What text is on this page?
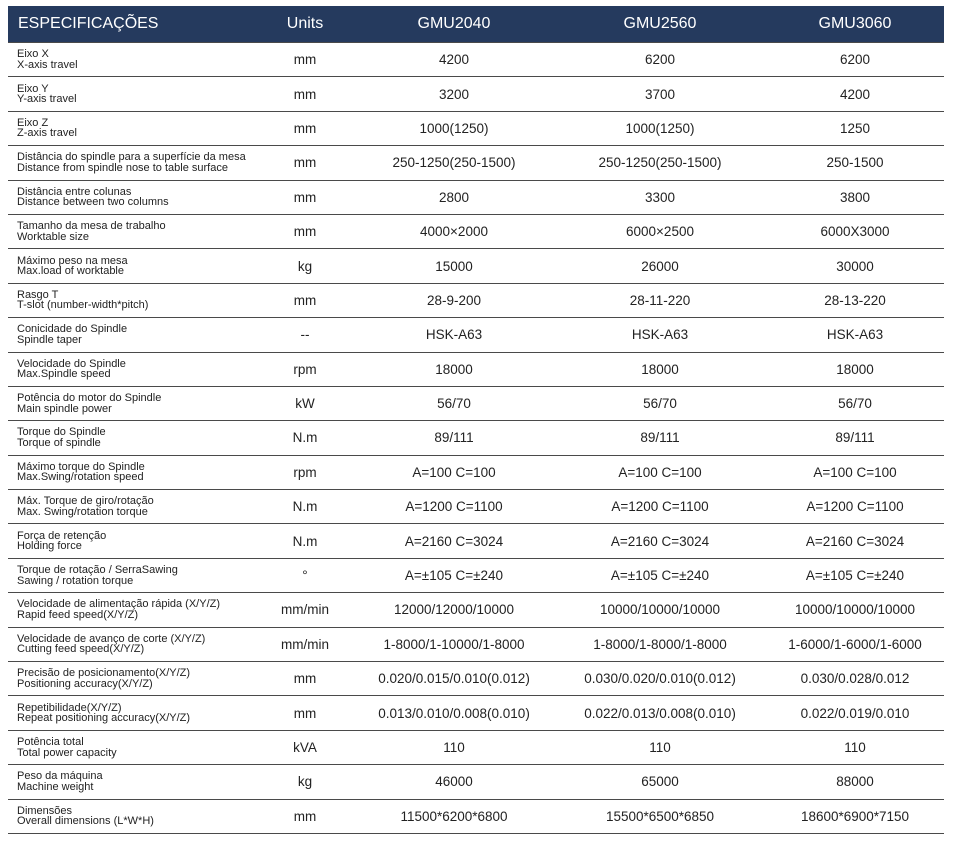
ESPECIFICAÇÕES	Units	GMU2040	GMU2560	GMU3060

Eixo X
X-axis travel	mm	4200	6200	6200

Eixo Y
Y-axis travel	mm	3200	3700	4200

Eixo Z
Z-axis travel	mm	1000(1250)	1000(1250)	1250

Distância do spindle para a superfície da mesa
Distance from spindle nose to table surface	mm	250-1250(250-1500)	250-1250(250-1500)	250-1500

Distância entre colunas
Distance between two columns	mm	2800	3300	3800

Tamanho da mesa de trabalho
Worktable size	mm	4000×2000	6000×2500	6000X3000

Máximo peso na mesa
Max.load of worktable	kg	15000	26000	30000

Rasgo T
T-slot (number-width*pitch)	mm	28-9-200	28-11-220	28-13-220

Conicidade do Spindle
Spindle taper	--	HSK-A63	HSK-A63	HSK-A63

Velocidade do Spindle
Max.Spindle speed	rpm	18000	18000	18000

Potência do motor do Spindle
Main spindle power	kW	56/70	56/70	56/70

Torque do Spindle
Torque of spindle	N.m	89/111	89/111	89/111

Máximo torque do Spindle
Max.Swing/rotation speed	rpm	A=100 C=100	A=100 C=100	A=100 C=100

Máx. Torque de giro/rotação
Max. Swing/rotation torque	N.m	A=1200 C=1100	A=1200 C=1100	A=1200 C=1100

Força de retenção
Holding force	N.m	A=2160 C=3024	A=2160 C=3024	A=2160 C=3024

Torque de rotação / SerraSawing
Sawing / rotation torque	°	A=±105 C=±240	A=±105 C=±240	A=±105 C=±240

Velocidade de alimentação rápida (X/Y/Z)
Rapid feed speed(X/Y/Z)	mm/min	12000/12000/10000	10000/10000/10000	10000/10000/10000

Velocidade de avanço de corte (X/Y/Z)
Cutting feed speed(X/Y/Z)	mm/min	1-8000/1-10000/1-8000	1-8000/1-8000/1-8000	1-6000/1-6000/1-6000

Precisão de posicionamento(X/Y/Z)
Positioning accuracy(X/Y/Z)	mm	0.020/0.015/0.010(0.012)	0.030/0.020/0.010(0.012)	0.030/0.028/0.012

Repetibilidade(X/Y/Z)
Repeat positioning accuracy(X/Y/Z)	mm	0.013/0.010/0.008(0.010)	0.022/0.013/0.008(0.010)	0.022/0.019/0.010

Potência total
Total power capacity	kVA	110	110	110

Peso da máquina
Machine weight	kg	46000	65000	88000

Dimensões
Overall dimensions (L*W*H)	mm	11500*6200*6800	15500*6500*6850	18600*6900*7150
